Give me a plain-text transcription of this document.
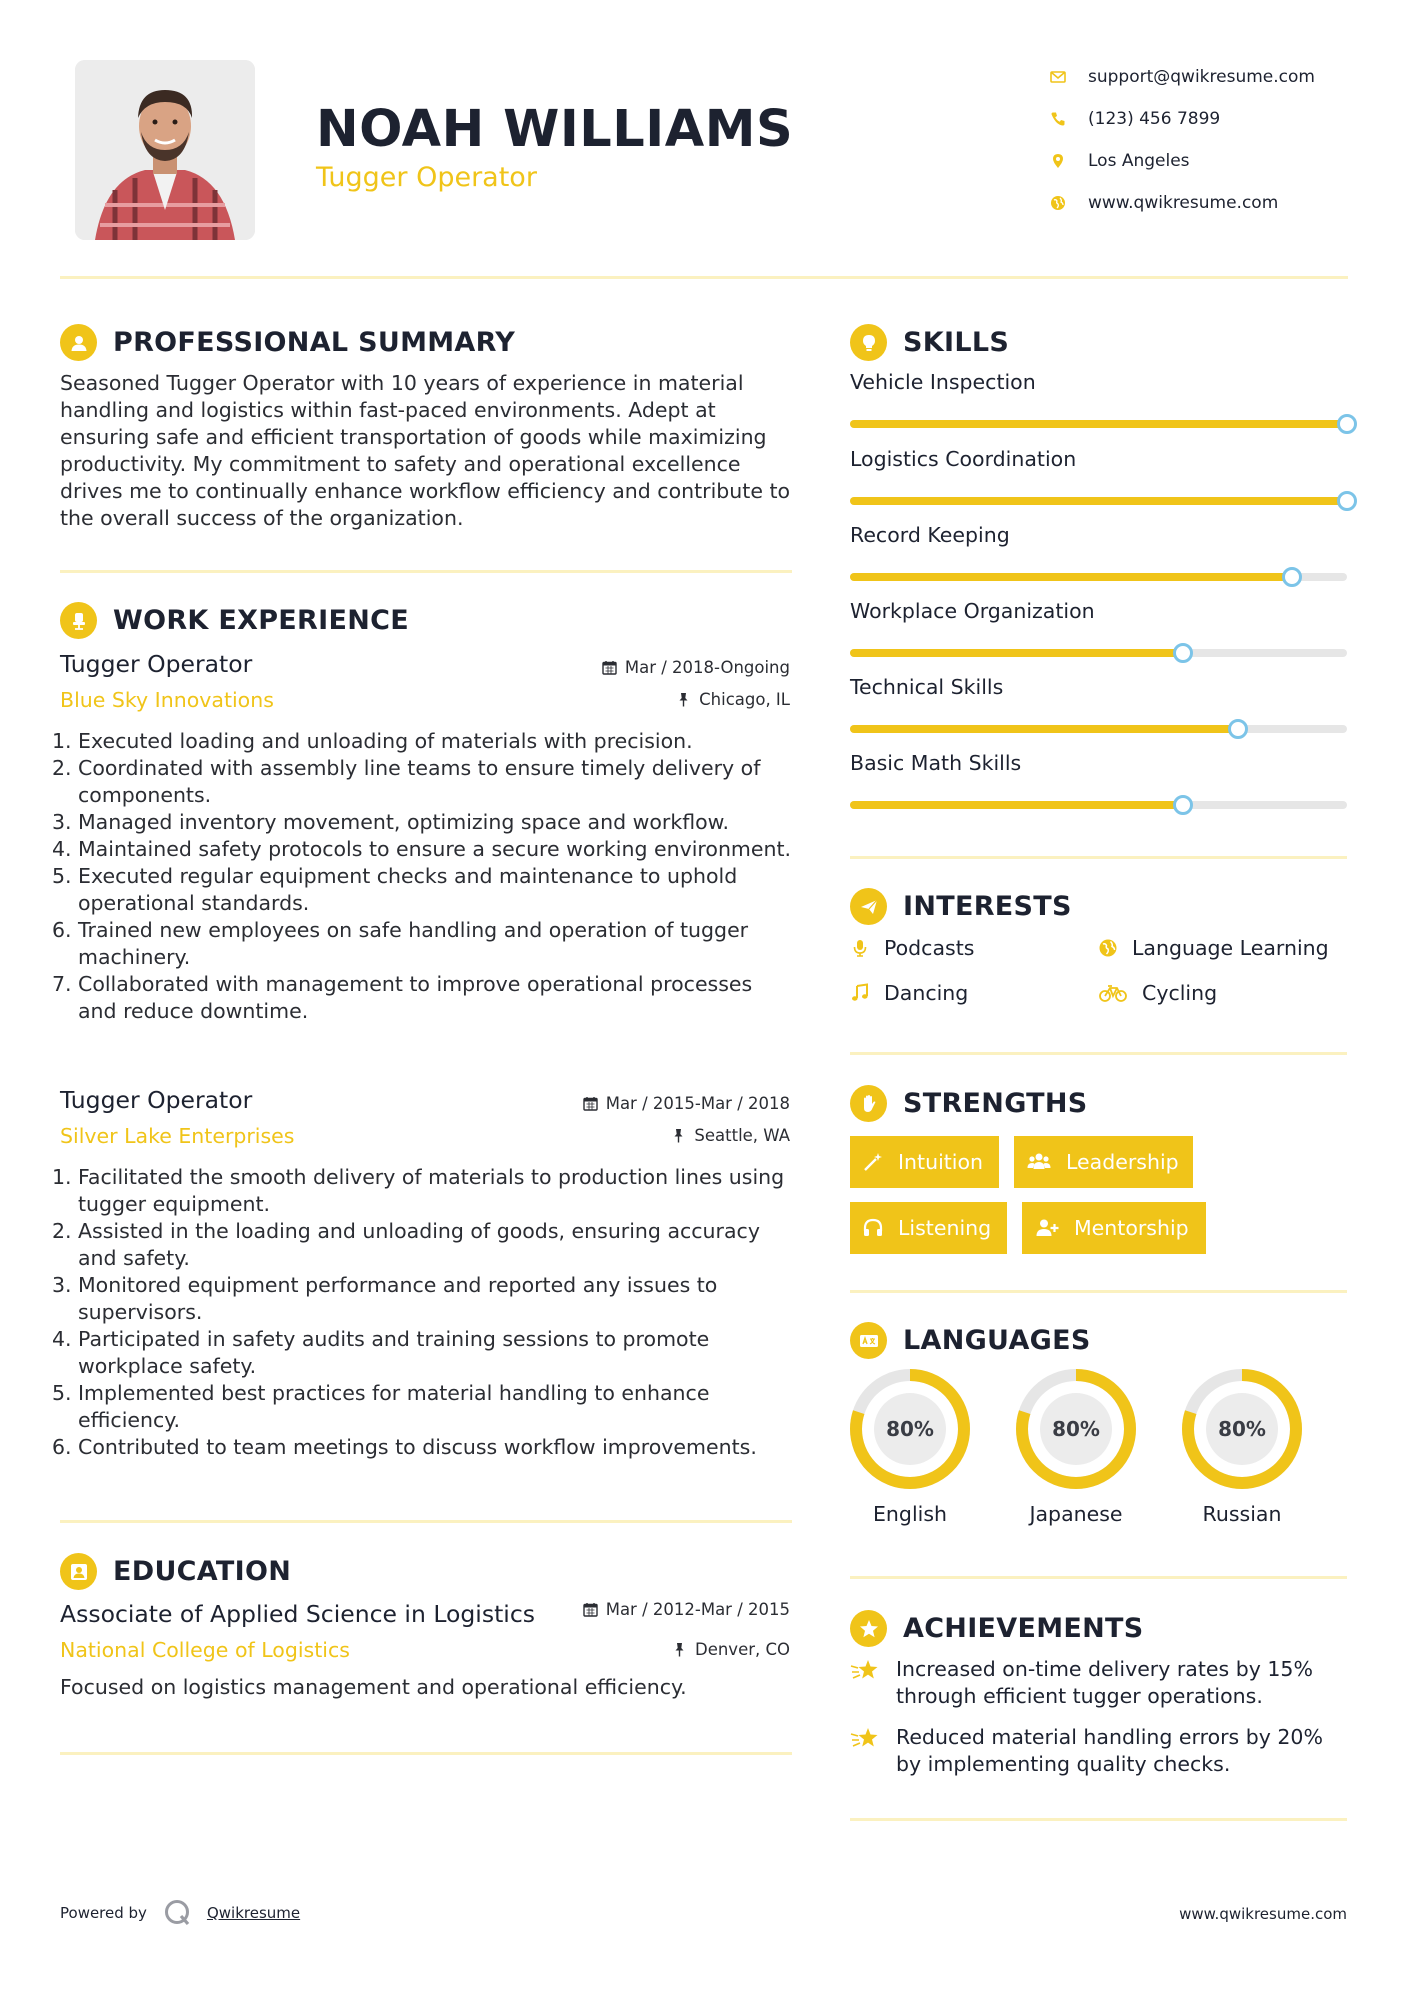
NOAH WILLIAMS
Tugger Operator
support@qwikresume.com
(123) 456 7899
Los Angeles
www.qwikresume.com
PROFESSIONAL SUMMARY
Seasoned Tugger Operator with 10 years of experience in material handling and logistics within fast-paced environments. Adept at ensuring safe and efficient transportation of goods while maximizing productivity. My commitment to safety and operational excellence drives me to continually enhance workflow efficiency and contribute to the overall success of the organization.
WORK EXPERIENCE
Tugger Operator
Blue Sky Innovations
Mar / 2018-Ongoing
Chicago, IL
1. Executed loading and unloading of materials with precision.
2. Coordinated with assembly line teams to ensure timely delivery of components.
3. Managed inventory movement, optimizing space and workflow.
4. Maintained safety protocols to ensure a secure working environment.
5. Executed regular equipment checks and maintenance to uphold operational standards.
6. Trained new employees on safe handling and operation of tugger machinery.
7. Collaborated with management to improve operational processes and reduce downtime.
Tugger Operator
Silver Lake Enterprises
Mar / 2015-Mar / 2018
Seattle, WA
1. Facilitated the smooth delivery of materials to production lines using tugger equipment.
2. Assisted in the loading and unloading of goods, ensuring accuracy and safety.
3. Monitored equipment performance and reported any issues to supervisors.
4. Participated in safety audits and training sessions to promote workplace safety.
5. Implemented best practices for material handling to enhance efficiency.
6. Contributed to team meetings to discuss workflow improvements.
EDUCATION
Associate of Applied Science in Logistics
National College of Logistics
Mar / 2012-Mar / 2015
Denver, CO
Focused on logistics management and operational efficiency.
SKILLS
Vehicle Inspection
Logistics Coordination
Record Keeping
Workplace Organization
Technical Skills
Basic Math Skills
INTERESTS
Podcasts	Language Learning
Dancing	Cycling
STRENGTHS
Intuition	Leadership
Listening	Mentorship
LANGUAGES
80%
English
80%
Japanese
80%
Russian
ACHIEVEMENTS
Increased on-time delivery rates by 15% through efficient tugger operations.
Reduced material handling errors by 20% by implementing quality checks.
Powered by	Qwikresume	www.qwikresume.com
